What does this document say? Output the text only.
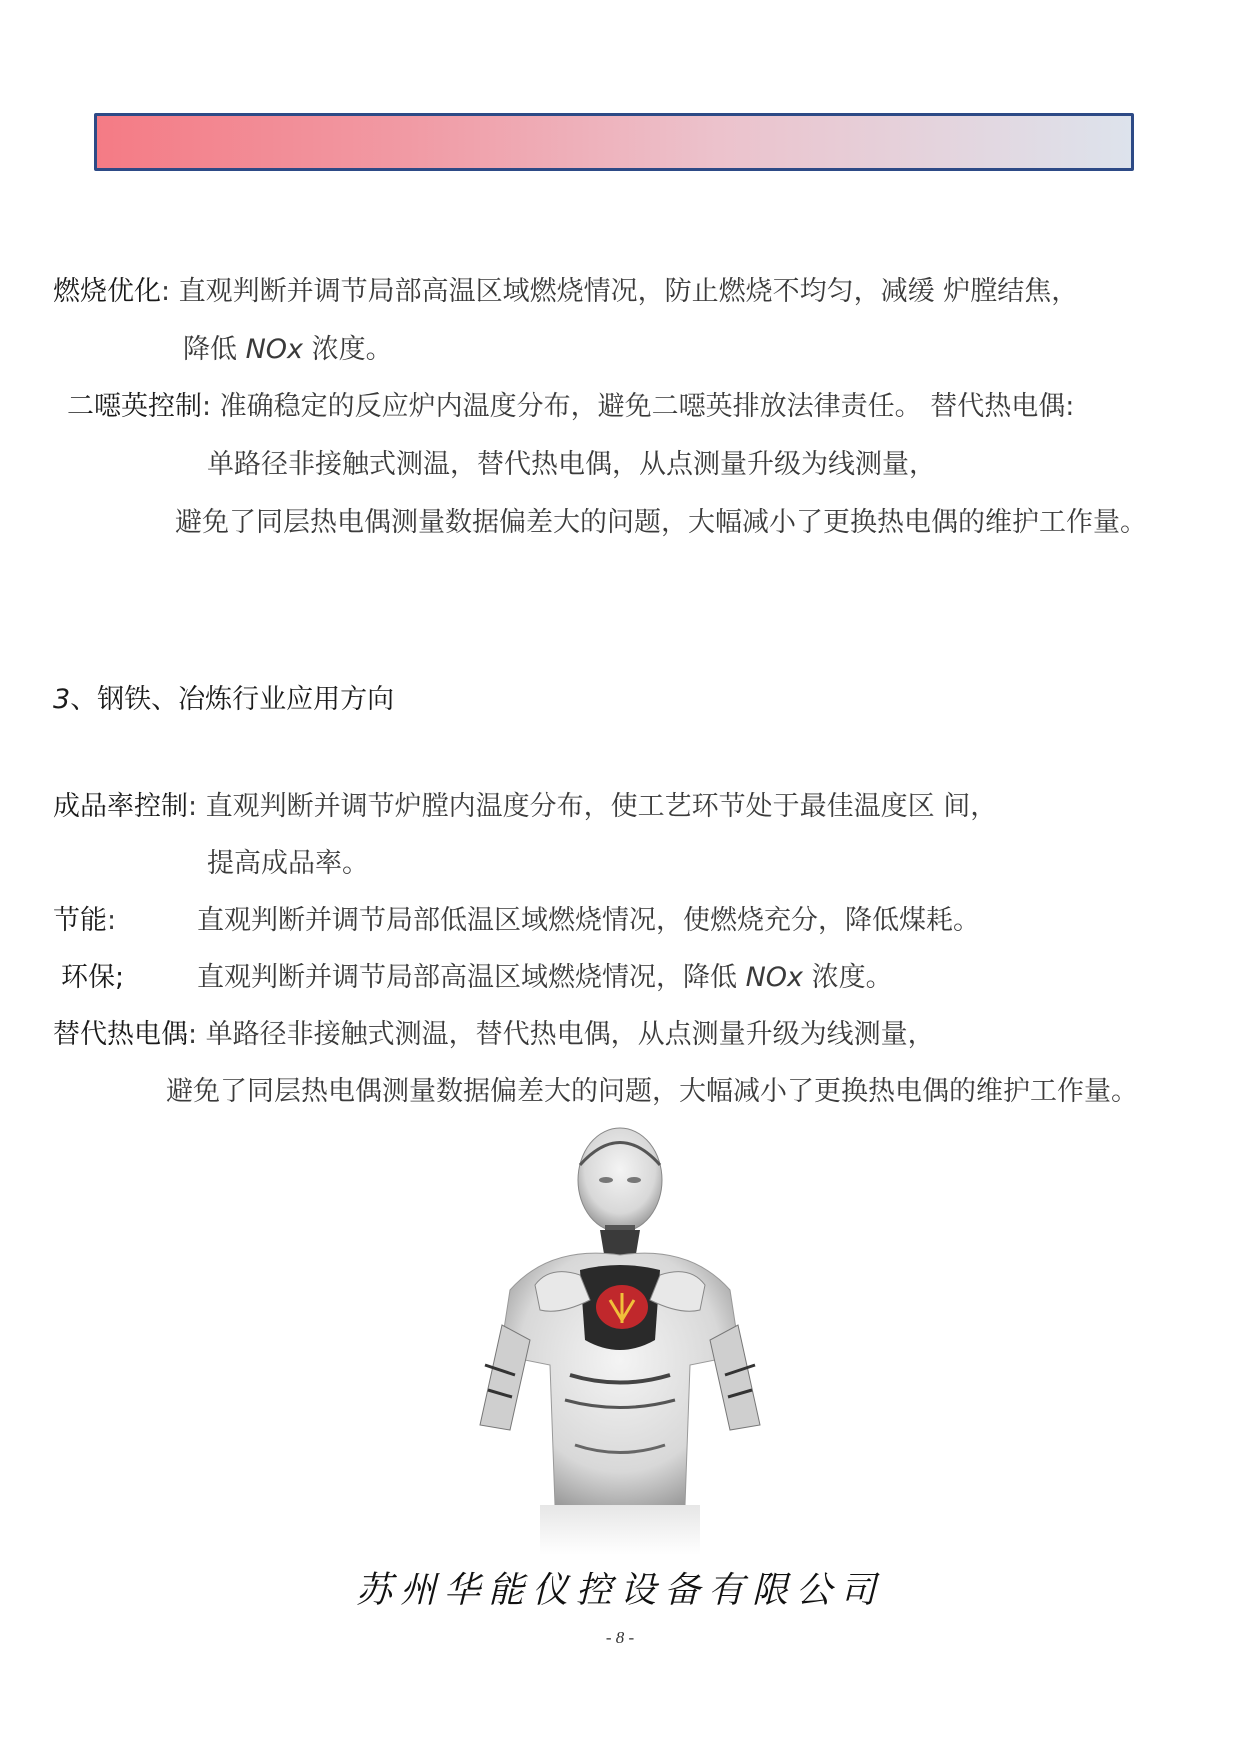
燃烧优化: 直观判断并调节局部高温区域燃烧情况，防止燃烧不均匀，减缓 炉膛结焦，
降低 NOx 浓度。
二噁英控制: 准确稳定的反应炉内温度分布，避免二噁英排放法律责任。 替代热电偶:
单路径非接触式测温，替代热电偶，从点测量升级为线测量，
避免了同层热电偶测量数据偏差大的问题，大幅减小了更换热电偶的维护工作量。
3、钢铁、冶炼行业应用方向
成品率控制: 直观判断并调节炉膛内温度分布，使工艺环节处于最佳温度区 间，
提高成品率。
节能:	直观判断并调节局部低温区域燃烧情况，使燃烧充分，降低煤耗。
环保;	直观判断并调节局部高温区域燃烧情况，降低 NOx 浓度。
替代热电偶: 单路径非接触式测温，替代热电偶，从点测量升级为线测量，
避免了同层热电偶测量数据偏差大的问题，大幅减小了更换热电偶的维护工作量。
苏州华能仪控设备有限公司
- 8 -
